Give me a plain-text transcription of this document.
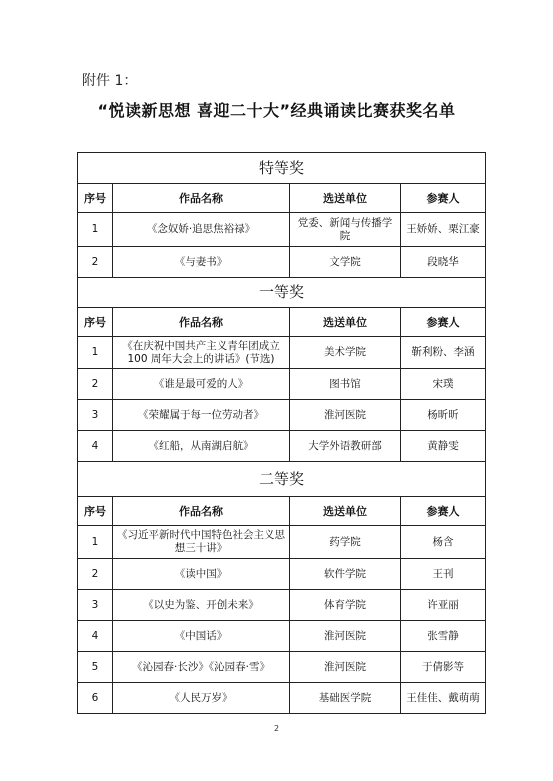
附件 1：
“悦读新思想 喜迎二十大”经典诵读比赛获奖名单
特等奖			
序号	作品名称	选送单位	参赛人
1	《念奴娇·追思焦裕禄》	党委、新闻与传播学院	王娇娇、栗江豪
2	《与妻书》	文学院	段晓华
一等奖			
序号	作品名称	选送单位	参赛人
1	《在庆祝中国共产主义青年团成立 100 周年大会上的讲话》(节选)	美术学院	靳利粉、李涵
2	《谁是最可爱的人》	图书馆	宋璞
3	《荣耀属于每一位劳动者》	淮河医院	杨昕昕
4	《红船，从南湖启航》	大学外语教研部	黄静雯
二等奖			
序号	作品名称	选送单位	参赛人
1	《习近平新时代中国特色社会主义思想三十讲》	药学院	杨含
2	《读中国》	软件学院	王刊
3	《以史为鉴、开创未来》	体育学院	许亚丽
4	《中国话》	淮河医院	张雪静
5	《沁园春·长沙》《沁园春·雪》	淮河医院	于倩影等
6	《人民万岁》	基础医学院	王佳佳、戴萌萌
2
